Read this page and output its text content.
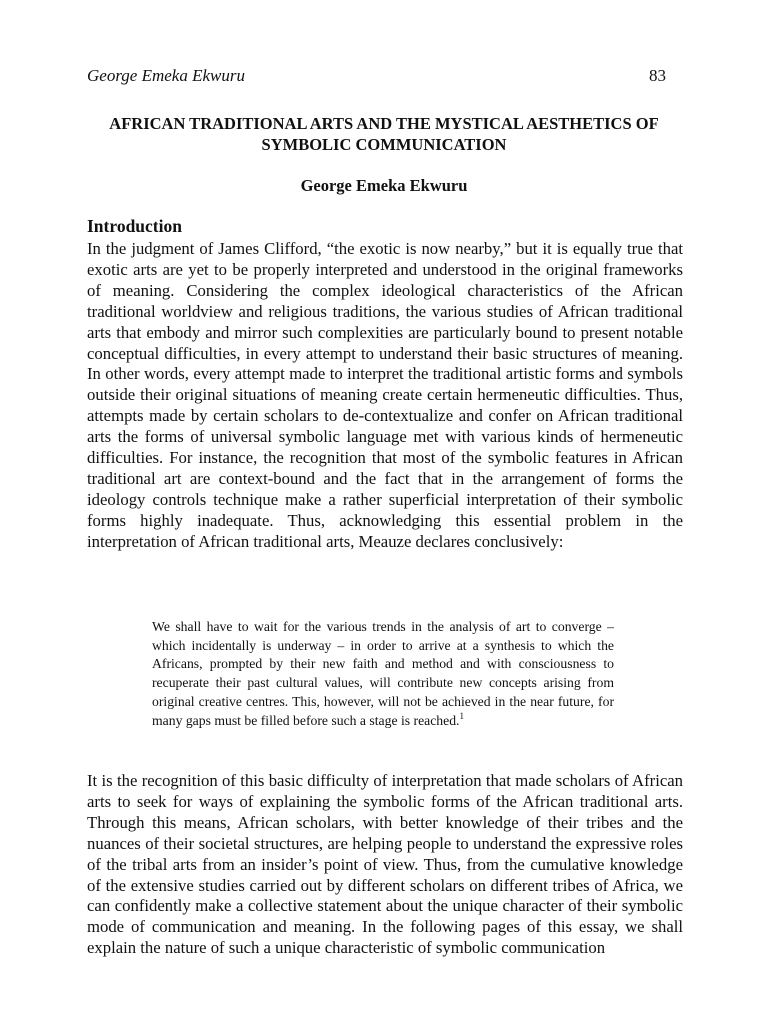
George Emeka Ekwuru	83
AFRICAN TRADITIONAL ARTS AND THE MYSTICAL AESTHETICS OF SYMBOLIC COMMUNICATION

George Emeka Ekwuru

Introduction

In the judgment of James Clifford, “the exotic is now nearby,” but it is equally true that exotic arts are yet to be properly interpreted and understood in the original frameworks of meaning. Considering the complex ideological characteristics of the African traditional worldview and religious traditions, the various studies of African traditional arts that embody and mirror such complexities are particularly bound to present notable conceptual difficulties, in every attempt to understand their basic structures of meaning. In other words, every attempt made to interpret the traditional artistic forms and symbols outside their original situations of meaning create certain hermeneutic difficulties. Thus, attempts made by certain scholars to de-contextualize and confer on African traditional arts the forms of universal symbolic language met with various kinds of hermeneutic difficulties. For instance, the recognition that most of the symbolic features in African traditional art are context-bound and the fact that in the arrangement of forms the ideology controls technique make a rather superficial interpretation of their symbolic forms highly inadequate. Thus, acknowledging this essential problem in the interpretation of African traditional arts, Meauze declares conclusively:

We shall have to wait for the various trends in the analysis of art to converge – which incidentally is underway – in order to arrive at a synthesis to which the Africans, prompted by their new faith and method and with consciousness to recuperate their past cultural values, will contribute new concepts arising from original creative centres. This, however, will not be achieved in the near future, for many gaps must be filled before such a stage is reached.$^1$

It is the recognition of this basic difficulty of interpretation that made scholars of African arts to seek for ways of explaining the symbolic forms of the African traditional arts. Through this means, African scholars, with better knowledge of their tribes and the nuances of their societal structures, are helping people to understand the expressive roles of the tribal arts from an insider’s point of view. Thus, from the cumulative knowledge of the extensive studies carried out by different scholars on different tribes of Africa, we can confidently make a collective statement about the unique character of their symbolic mode of communication and meaning. In the following pages of this essay, we shall explain the nature of such a unique characteristic of symbolic communication
